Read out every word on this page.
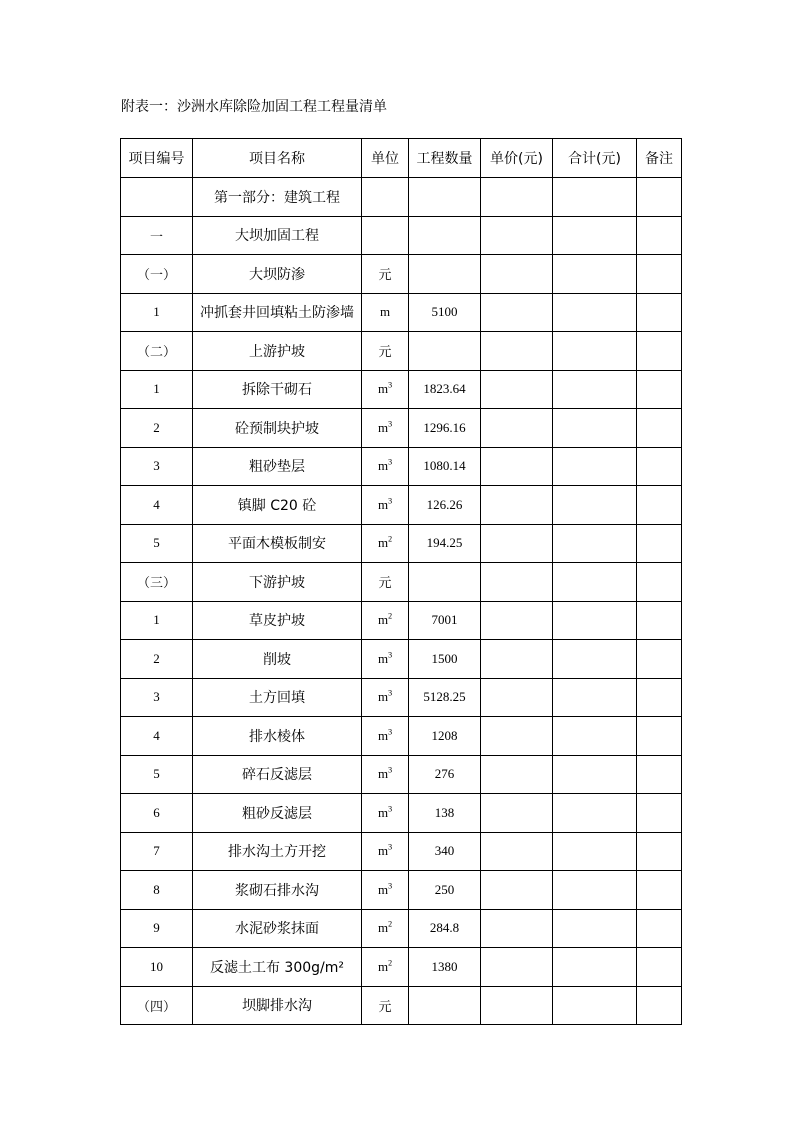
附表一：沙洲水库除险加固工程工程量清单
项目编号	项目名称	单位	工程数量	单价(元)	合计(元)	备注
	第一部分：建筑工程					
一	大坝加固工程					
（一）	大坝防渗	元				
1	冲抓套井回填粘土防渗墙	m	5100			
（二）	上游护坡	元				
1	拆除干砌石	$m^3$	1823.64			
2	砼预制块护坡	$m^3$	1296.16			
3	粗砂垫层	$m^3$	1080.14			
4	镇脚 C20 砼	$m^3$	126.26			
5	平面木模板制安	$m^2$	194.25			
（三）	下游护坡	元				
1	草皮护坡	$m^2$	7001			
2	削坡	$m^3$	1500			
3	土方回填	$m^3$	5128.25			
4	排水棱体	$m^3$	1208			
5	碎石反滤层	$m^3$	276			
6	粗砂反滤层	$m^3$	138			
7	排水沟土方开挖	$m^3$	340			
8	浆砌石排水沟	$m^3$	250			
9	水泥砂浆抹面	$m^2$	284.8			
10	反滤土工布 300g/m²	$m^2$	1380			
（四）	坝脚排水沟	元				
